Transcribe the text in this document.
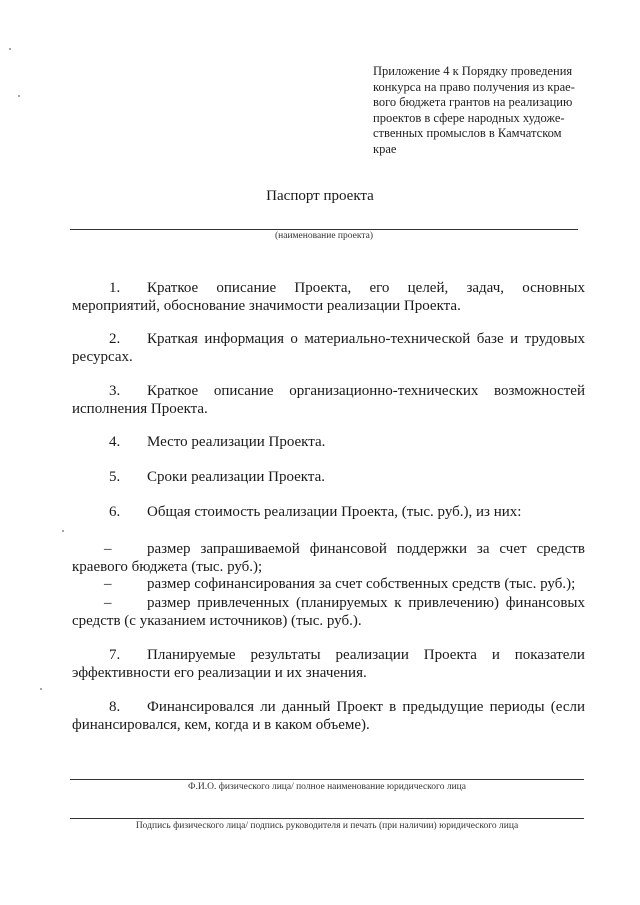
Приложение 4 к Порядку проведения
конкурса на право получения из крае-
вого бюджета грантов на реализацию
проектов в сфере народных художе-
ственных промыслов в Камчатском
крае
Паспорт проекта
(наименование проекта)
1.	Краткое описание Проекта, его целей, задач, основных
мероприятий, обоснование значимости реализации Проекта.
2.	Краткая информация о материально-технической базе и трудовых
ресурсах.
3.	Краткое описание организационно-технических возможностей
исполнения Проекта.
4.	Место реализации Проекта.
5.	Сроки реализации Проекта.
6.	Общая стоимость реализации Проекта, (тыс. руб.), из них:
–	размер запрашиваемой финансовой поддержки за счет средств
краевого бюджета (тыс. руб.);
–	размер софинансирования за счет собственных средств (тыс. руб.);
–	размер привлеченных (планируемых к привлечению) финансовых
средств (с указанием источников) (тыс. руб.).
7.	Планируемые результаты реализации Проекта и показатели
эффективности его реализации и их значения.
8.	Финансировался ли данный Проект в предыдущие периоды (если
финансировался, кем, когда и в каком объеме).
Ф.И.О. физического лица/ полное наименование юридического лица
Подпись физического лица/ подпись руководителя и печать (при наличии) юридического лица
